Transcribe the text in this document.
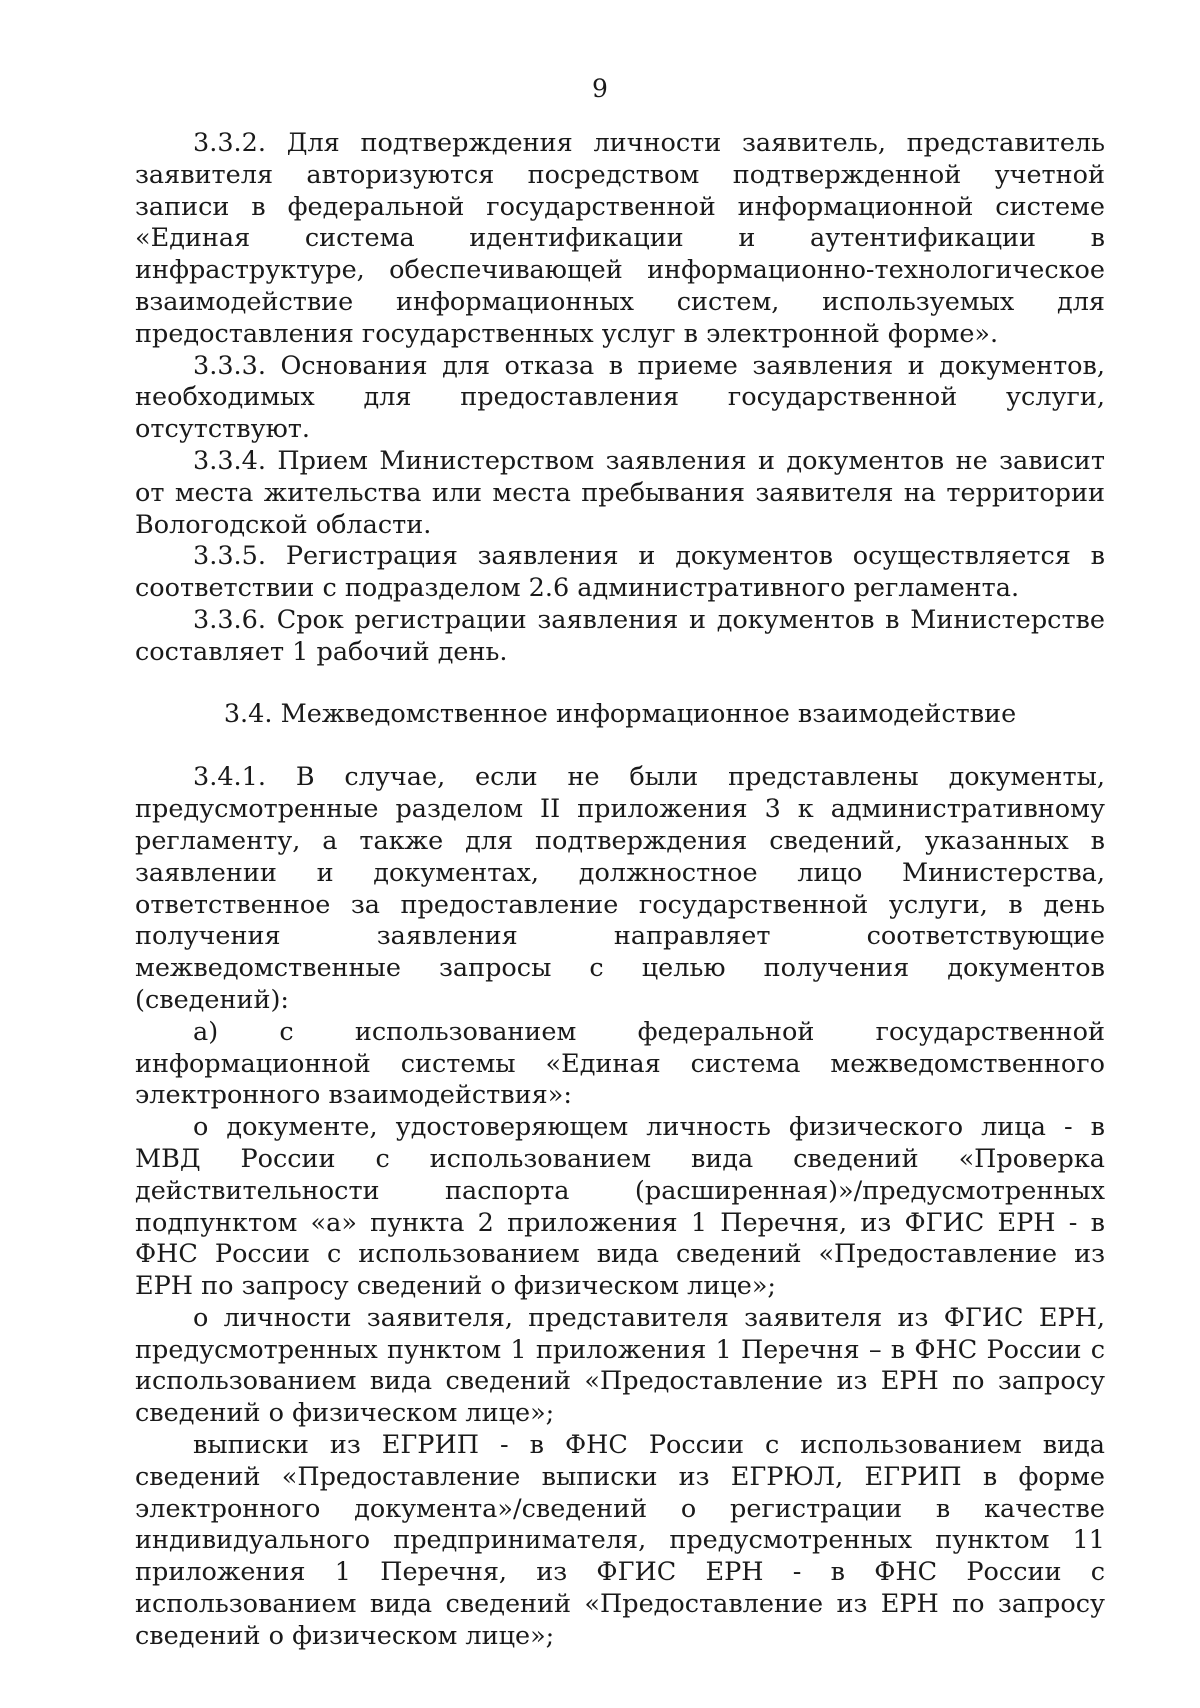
9

3.3.2. Для подтверждения личности заявитель, представитель заявителя авторизуются посредством подтвержденной учетной записи в федеральной государственной информационной системе «Единая система идентификации и аутентификации в инфраструктуре, обеспечивающей информационно-технологическое взаимодействие информационных систем, используемых для предоставления государственных услуг в электронной форме».

3.3.3. Основания для отказа в приеме заявления и документов, необходимых для предоставления государственной услуги, отсутствуют.

3.3.4. Прием Министерством заявления и документов не зависит от места жительства или места пребывания заявителя на территории Вологодской области.

3.3.5. Регистрация заявления и документов осуществляется в соответствии с подразделом 2.6 административного регламента.

3.3.6. Срок регистрации заявления и документов в Министерстве составляет 1 рабочий день.

3.4. Межведомственное информационное взаимодействие

3.4.1. В случае, если не были представлены документы, предусмотренные разделом II приложения 3 к административному регламенту, а также для подтверждения сведений, указанных в заявлении и документах, должностное лицо Министерства, ответственное за предоставление государственной услуги, в день получения заявления направляет соответствующие межведомственные запросы с целью получения документов (сведений):

а) с использованием федеральной государственной информационной системы «Единая система межведомственного электронного взаимодействия»:

о документе, удостоверяющем личность физического лица - в МВД России с использованием вида сведений «Проверка действительности паспорта (расширенная)»/предусмотренных подпунктом «а» пункта 2 приложения 1 Перечня, из ФГИС ЕРН - в ФНС России с использованием вида сведений «Предоставление из ЕРН по запросу сведений о физическом лице»;

о личности заявителя, представителя заявителя из ФГИС ЕРН, предусмотренных пунктом 1 приложения 1 Перечня – в ФНС России с использованием вида сведений «Предоставление из ЕРН по запросу сведений о физическом лице»;

выписки из ЕГРИП - в ФНС России с использованием вида сведений «Предоставление выписки из ЕГРЮЛ, ЕГРИП в форме электронного документа»/сведений о регистрации в качестве индивидуального предпринимателя, предусмотренных пунктом 11 приложения 1 Перечня, из ФГИС ЕРН - в ФНС России с использованием вида сведений «Предоставление из ЕРН по запросу сведений о физическом лице»;
